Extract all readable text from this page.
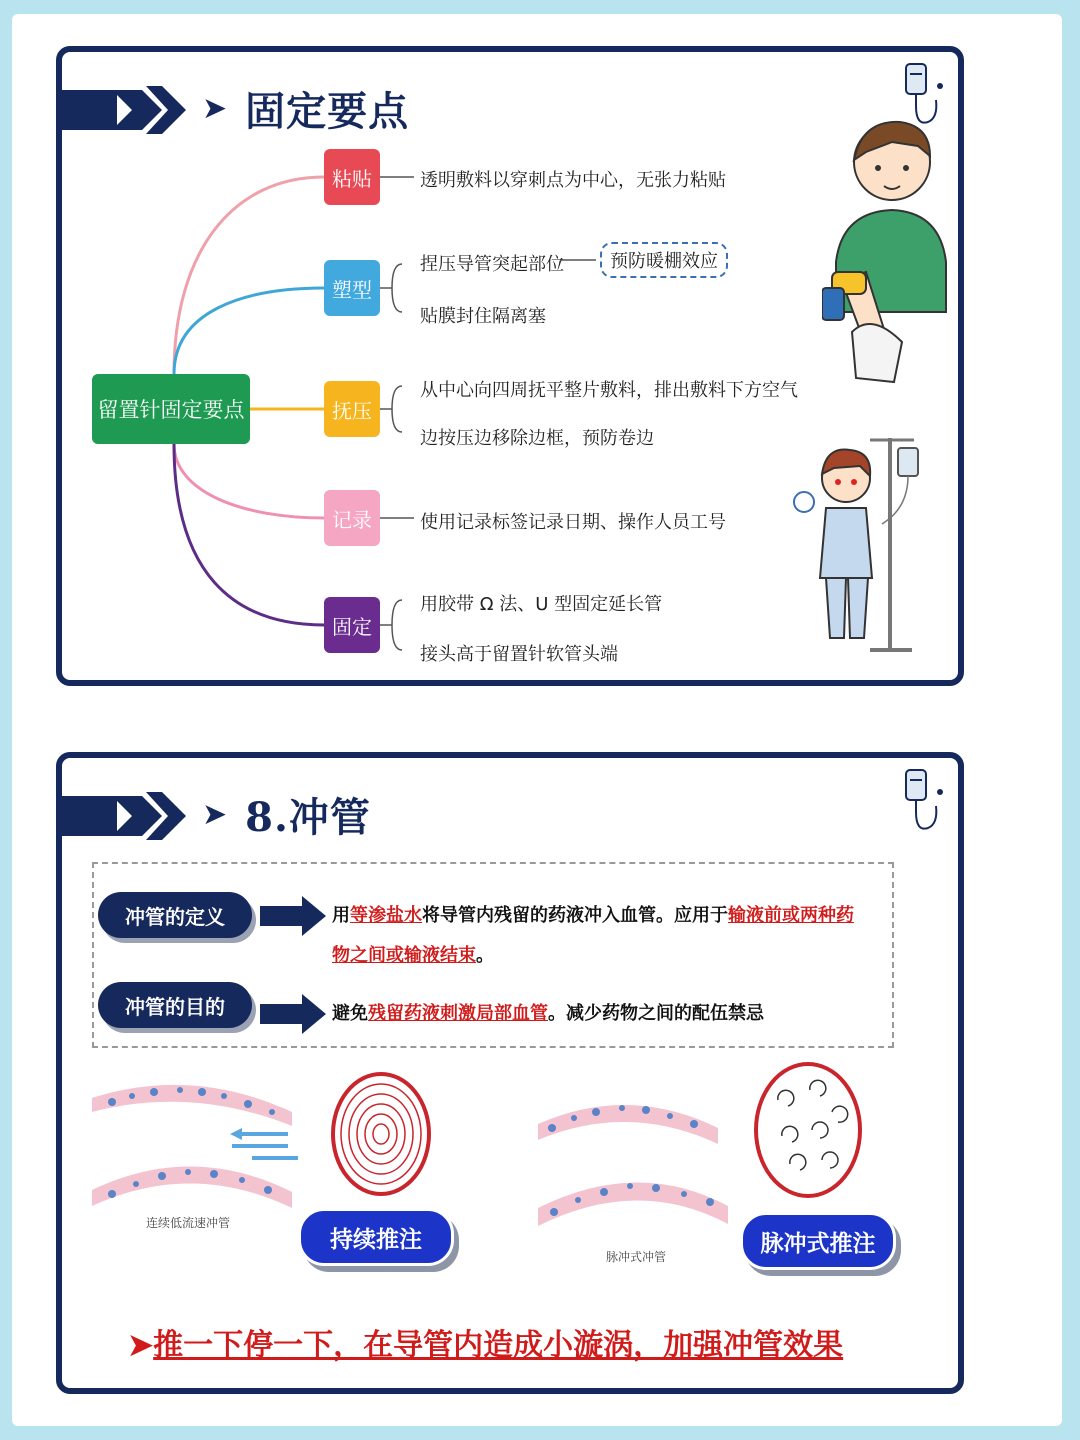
➤ 固定要点
留置针固定要点
粘贴
塑型
抚压
记录
固定
透明敷料以穿刺点为中心，无张力粘贴
捏压导管突起部位	预防暖棚效应
贴膜封住隔离塞
从中心向四周抚平整片敷料，排出敷料下方空气
边按压边移除边框，预防卷边
使用记录标签记录日期、操作人员工号
用胶带 Ω 法、U 型固定延长管
接头高于留置针软管头端
➤ 8.冲管
冲管的定义	用等渗盐水将导管内残留的药液冲入血管。应用于输液前或两种药
物之间或输液结束。
冲管的目的	避免残留药液刺激局部血管。减少药物之间的配伍禁忌
连续低流速冲管
持续推注
脉冲式冲管
脉冲式推注
➤推一下停一下，在导管内造成小漩涡，加强冲管效果
